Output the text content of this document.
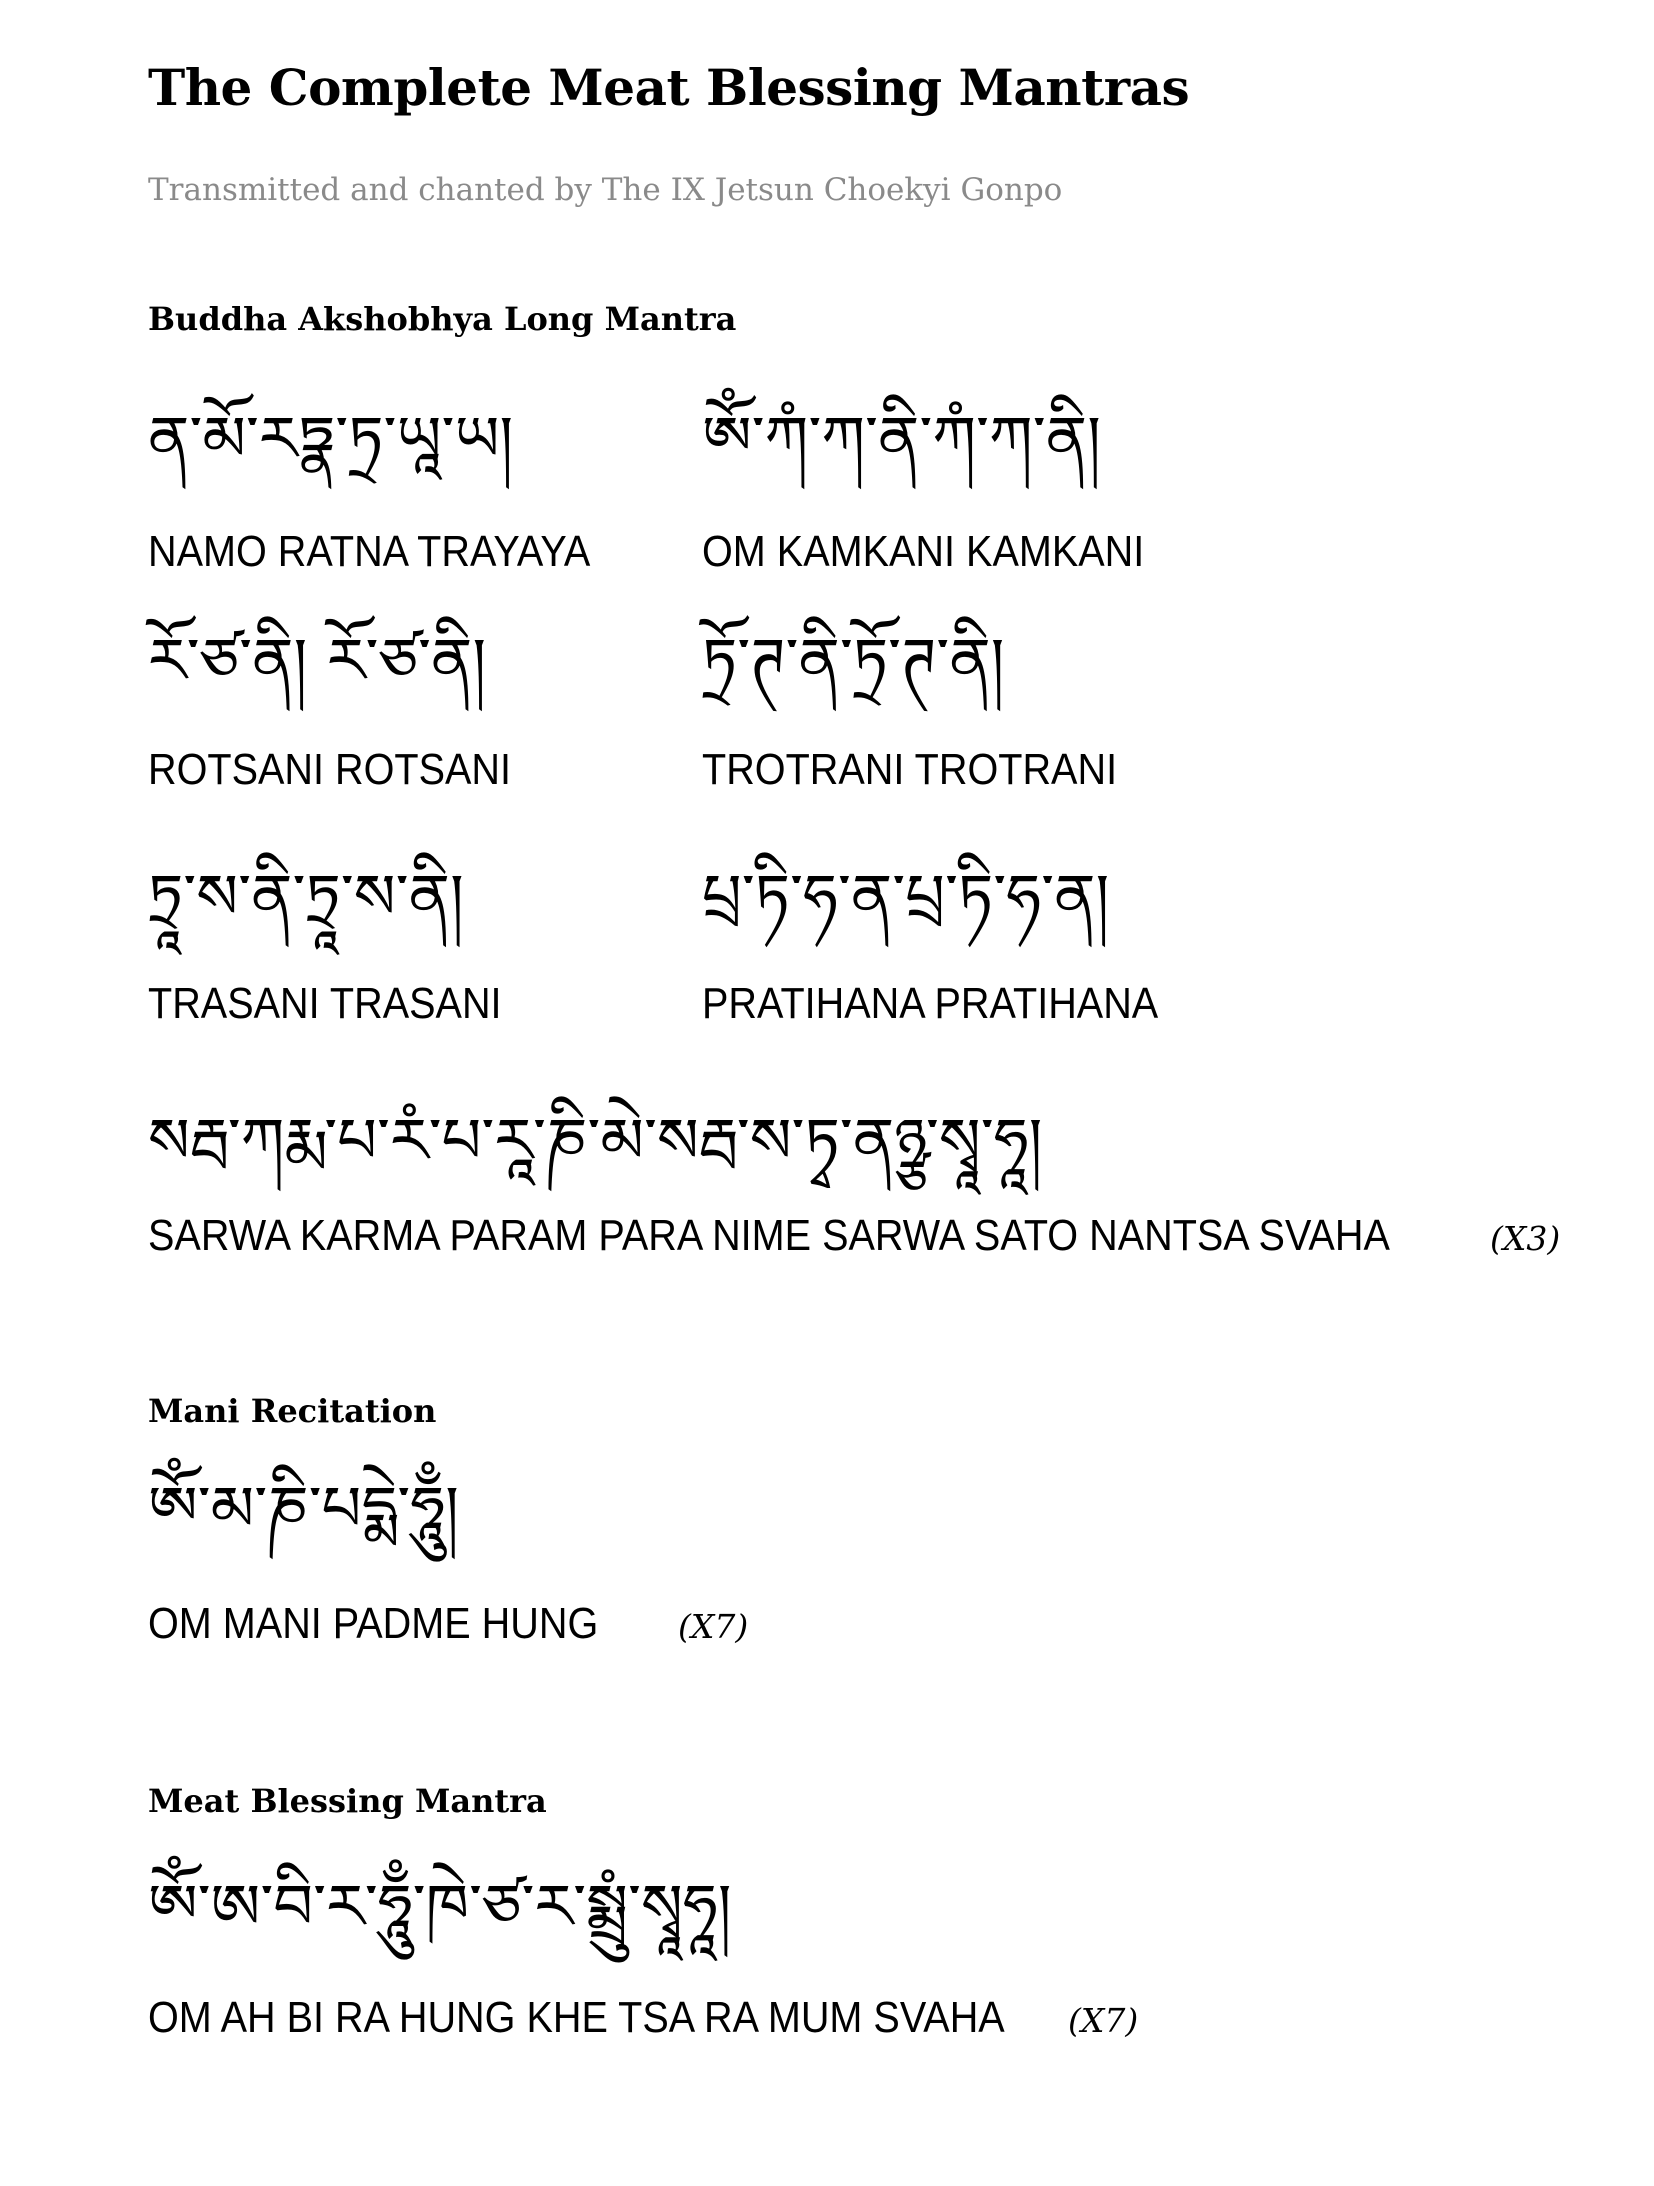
The Complete Meat Blessing Mantras

Transmitted and chanted by The IX Jetsun Choekyi Gonpo

Buddha Akshobhya Long Mantra
ན་མོ་རཏྣ་ཏྲ་ཡཱ་ཡ།
NAMO RATNA TRAYAYA
ཨོཾ་ཀཾ་ཀ་ནི་ཀཾ་ཀ་ནི།
OM KAMKANI KAMKANI
རོ་ཙ་ནི། རོ་ཙ་ནི།
ROTSANI ROTSANI
ཏྲོ་ཊ་ནི་ཏྲོ་ཊ་ནི།
TROTRANI TROTRANI
ཏྲཱ་ས་ནི་ཏྲཱ་ས་ནི།
TRASANI TRASANI
པྲ་ཏི་ཧ་ན་པྲ་ཏི་ཧ་ན།
PRATIHANA PRATIHANA
སརྦ་ཀརྨ་པ་རཾ་པ་རཱ་ཎི་མེ་སརྦ་ས་ཏྭ་ནཉྩ་སྭཱ་ཧཱ།
SARWA KARMA PARAM PARA NIME SARWA SATO NANTSA SVAHA	(X3)
Mani Recitation
ཨོཾ་མ་ཎི་པདྨེ་ཧཱུྃ།
OM MANI PADME HUNG (X7)
Meat Blessing Mantra
ཨོཾ་ཨ་བི་ར་ཧཱུྃ་ཁེ་ཙ་ར་སྨྲུཾ་སྭཱཧཱ།
OM AH BI RA HUNG KHE TSA RA MUM SVAHA (X7)
